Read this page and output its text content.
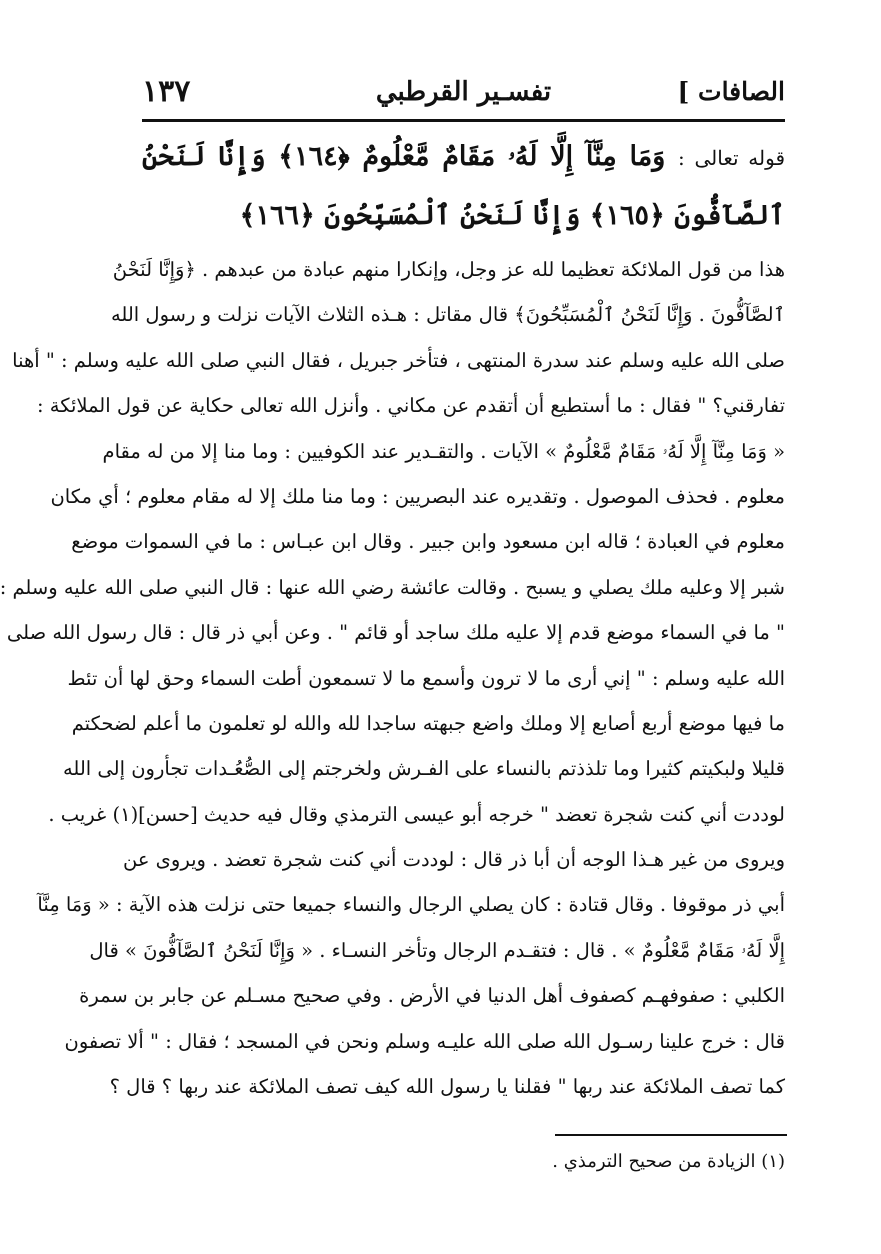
١٣٧	تفسـير القرطبي	الصافات ]
قوله تعالى : وَمَا مِنَّآ إِلَّا لَهُۥ مَقَامٌ مَّعْلُومٌ ﴿١٦٤﴾ وَإِنَّا لَنَحْنُ ٱلصَّآفُّونَ ﴿١٦٥﴾ وَإِنَّا لَنَحْنُ ٱلْمُسَبِّحُونَ ﴿١٦٦﴾
هذا من قول الملائكة تعظيما لله عز وجل، وإنكارا منهم عبادة من عبدهم . ﴿وَإِنَّا لَنَحْنُ
ٱلصَّآفُّونَ . وَإِنَّا لَنَحْنُ ٱلْمُسَبِّحُونَ﴾ قال مقاتل : هـذه الثلاث الآيات نزلت و رسول الله
صلى الله عليه وسلم عند سدرة المنتهى ، فتأخر جبريل ، فقال النبي صلى الله عليه وسلم : " أهنا
تفارقني؟ " فقال : ما أستطيع أن أتقدم عن مكاني . وأنزل الله تعالى حكاية عن قول الملائكة :
« وَمَا مِنَّآ إِلَّا لَهُۥ مَقَامٌ مَّعْلُومٌ » الآيات . والتقـدير عند الكوفيين : وما منا إلا من له مقام
معلوم . فحذف الموصول . وتقديره عند البصريين : وما منا ملك إلا له مقام معلوم ؛ أي مكان
معلوم في العبادة ؛ قاله ابن مسعود وابن جبير . وقال ابن عبـاس : ما في السموات موضع
شبر إلا وعليه ملك يصلي و يسبح . وقالت عائشة رضي الله عنها : قال النبي صلى الله عليه وسلم :
" ما في السماء موضع قدم إلا عليه ملك ساجد أو قائم " . وعن أبي ذر قال : قال رسول الله صلى
الله عليه وسلم : " إني أرى ما لا ترون وأسمع ما لا تسمعون أطت السماء وحق لها أن تئط
ما فيها موضع أربع أصابع إلا وملك واضع جبهته ساجدا لله والله لو تعلمون ما أعلم لضحكتم
قليلا ولبكيتم كثيرا وما تلذذتم بالنساء على الفـرش ولخرجتم إلى الصُّعُـدات تجأرون إلى الله
لوددت أني كنت شجرة تعضد " خرجه أبو عيسى الترمذي وقال فيه حديث [حسن](١) غريب .
ويروى من غير هـذا الوجه أن أبا ذر قال : لوددت أني كنت شجرة تعضد . ويروى عن
أبي ذر موقوفا . وقال قتادة : كان يصلي الرجال والنساء جميعا حتى نزلت هذه الآية : « وَمَا مِنَّآ
إِلَّا لَهُۥ مَقَامٌ مَّعْلُومٌ » . قال : فتقـدم الرجال وتأخر النسـاء . « وَإِنَّا لَنَحْنُ ٱلصَّآفُّونَ » قال
الكلبي : صفوفهـم كصفوف أهل الدنيا في الأرض . وفي صحيح مسـلم عن جابر بن سمرة
قال : خرج علينا رسـول الله صلى الله عليـه وسلم ونحن في المسجد ؛ فقال : " ألا تصفون
كما تصف الملائكة عند ربها " فقلنا يا رسول الله كيف تصف الملائكة عند ربها ؟ قال ؟
(١) الزيادة من صحيح الترمذي .
